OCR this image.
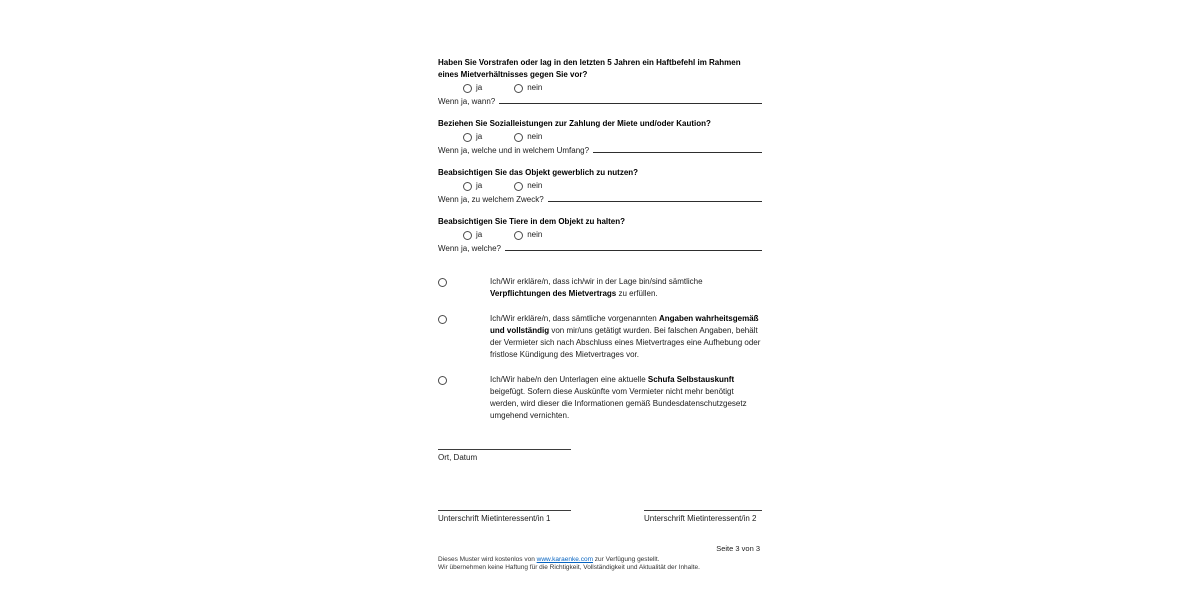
Haben Sie Vorstrafen oder lag in den letzten 5 Jahren ein Haftbefehl im Rahmen eines Mietverhältnisses gegen Sie vor?
ja	nein
Wenn ja, wann?
Beziehen Sie Sozialleistungen zur Zahlung der Miete und/oder Kaution?
ja	nein
Wenn ja, welche und in welchem Umfang?
Beabsichtigen Sie das Objekt gewerblich zu nutzen?
ja	nein
Wenn ja, zu welchem Zweck?
Beabsichtigen Sie Tiere in dem Objekt zu halten?
ja	nein
Wenn ja, welche?

Ich/Wir erkläre/n, dass ich/wir in der Lage bin/sind sämtliche Verpflichtungen des Mietvertrags zu erfüllen.

Ich/Wir erkläre/n, dass sämtliche vorgenannten Angaben wahrheitsgemäß und vollständig von mir/uns getätigt wurden. Bei falschen Angaben, behält der Vermieter sich nach Abschluss eines Mietvertrages eine Aufhebung oder fristlose Kündigung des Mietvertrages vor.

Ich/Wir habe/n den Unterlagen eine aktuelle Schufa Selbstauskunft beigefügt. Sofern diese Auskünfte vom Vermieter nicht mehr benötigt werden, wird dieser die Informationen gemäß Bundesdatenschutzgesetz umgehend vernichten.

Ort, Datum
Unterschrift Mietinteressent/in 1	Unterschrift Mietinteressent/in 2
Seite 3 von 3
Dieses Muster wird kostenlos von www.karaenke.com zur Verfügung gestellt.
Wir übernehmen keine Haftung für die Richtigkeit, Vollständigkeit und Aktualität der Inhalte.
